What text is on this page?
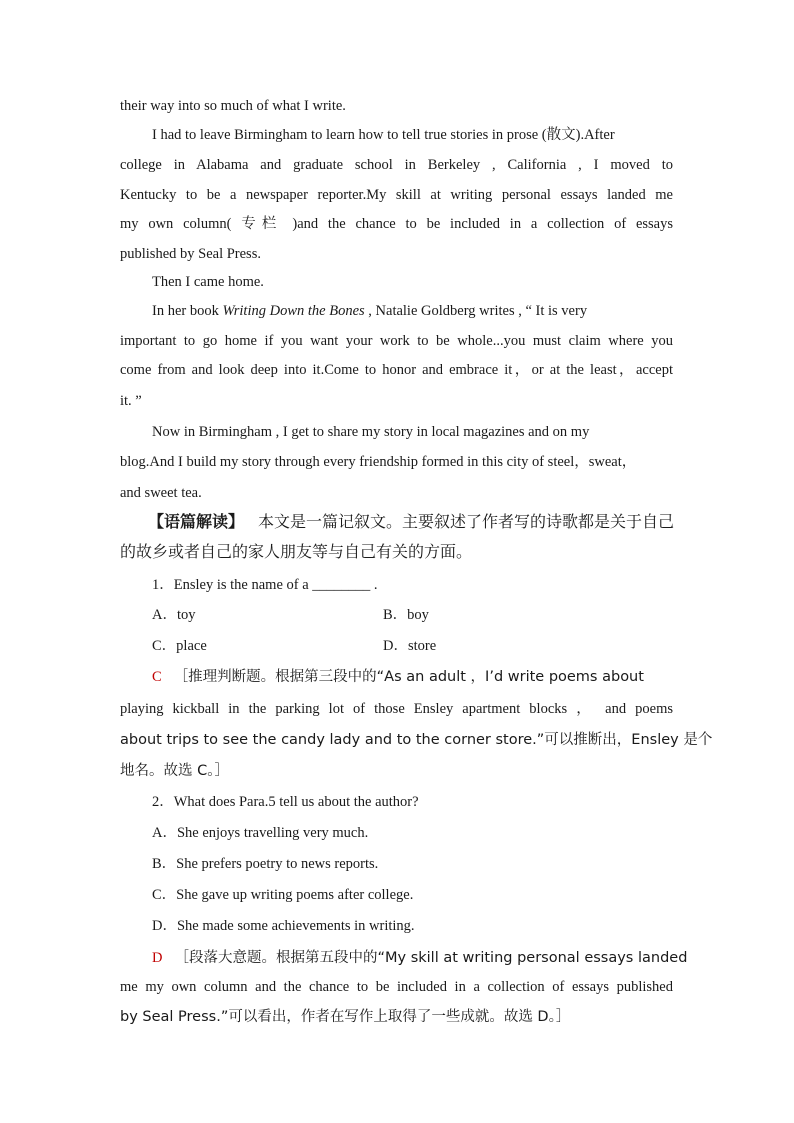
their way into so much of what I write.
I had to leave Birmingham to learn how to tell true stories in prose (散文).After
college in Alabama and graduate school in Berkeley , California , I moved to
Kentucky to be a newspaper reporter.My skill at writing personal essays landed me
my own column( 专栏 )and the chance to be included in a collection of essays
published by Seal Press.
Then I came home.
In her book Writing Down the Bones , Natalie Goldberg writes , “ It is very
important to go home if you want your work to be whole...you must claim where you
come from and look deep into it.Come to honor and embrace it，or at the least，accept
it. ”
Now in Birmingham , I get to share my story in local magazines and on my
blog.And I build my story through every friendship formed in this city of steel，sweat，
and sweet tea.
【语篇解读】 本文是一篇记叙文。主要叙述了作者写的诗歌都是关于自己
的故乡或者自己的家人朋友等与自己有关的方面。
1．Ensley is the name of a ________ .
A．toy	B．boy
C．place	D．store
C ［推理判断题。根据第三段中的“As an adult ，I’d write poems about
playing kickball in the parking lot of those Ensley apartment blocks ， and poems
about trips to see the candy lady and to the corner store.”可以推断出，Ensley 是个
地名。故选 C。］
2．What does Para.5 tell us about the author?
A．She enjoys travelling very much.
B．She prefers poetry to news reports.
C．She gave up writing poems after college.
D．She made some achievements in writing.
D ［段落大意题。根据第五段中的“My skill at writing personal essays landed
me my own column and the chance to be included in a collection of essays published
by Seal Press.”可以看出，作者在写作上取得了一些成就。故选 D。］
